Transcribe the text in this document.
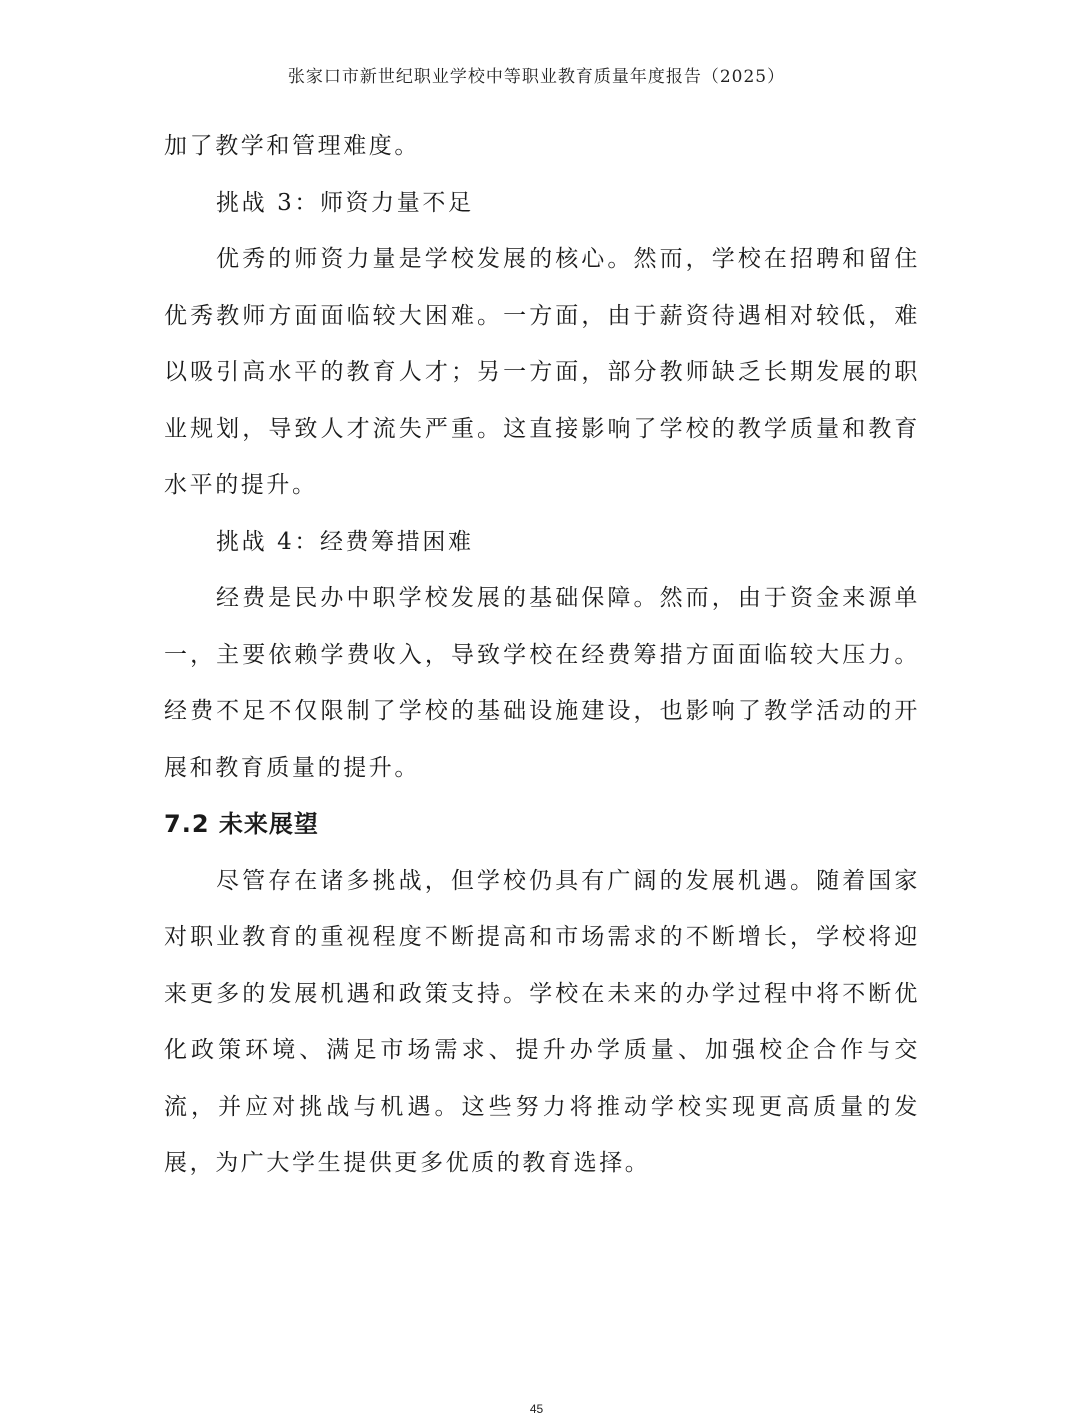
张家口市新世纪职业学校中等职业教育质量年度报告（2025）

加了教学和管理难度。

挑战 3：师资力量不足

优秀的师资力量是学校发展的核心。然而，学校在招聘和留住优秀教师方面面临较大困难。一方面，由于薪资待遇相对较低，难以吸引高水平的教育人才；另一方面，部分教师缺乏长期发展的职业规划，导致人才流失严重。这直接影响了学校的教学质量和教育水平的提升。

挑战 4：经费筹措困难

经费是民办中职学校发展的基础保障。然而，由于资金来源单一，主要依赖学费收入，导致学校在经费筹措方面面临较大压力。经费不足不仅限制了学校的基础设施建设，也影响了教学活动的开展和教育质量的提升。

7.2 未来展望

尽管存在诸多挑战，但学校仍具有广阔的发展机遇。随着国家对职业教育的重视程度不断提高和市场需求的不断增长，学校将迎来更多的发展机遇和政策支持。学校在未来的办学过程中将不断优化政策环境、满足市场需求、提升办学质量、加强校企合作与交流，并应对挑战与机遇。这些努力将推动学校实现更高质量的发展，为广大学生提供更多优质的教育选择。

45
